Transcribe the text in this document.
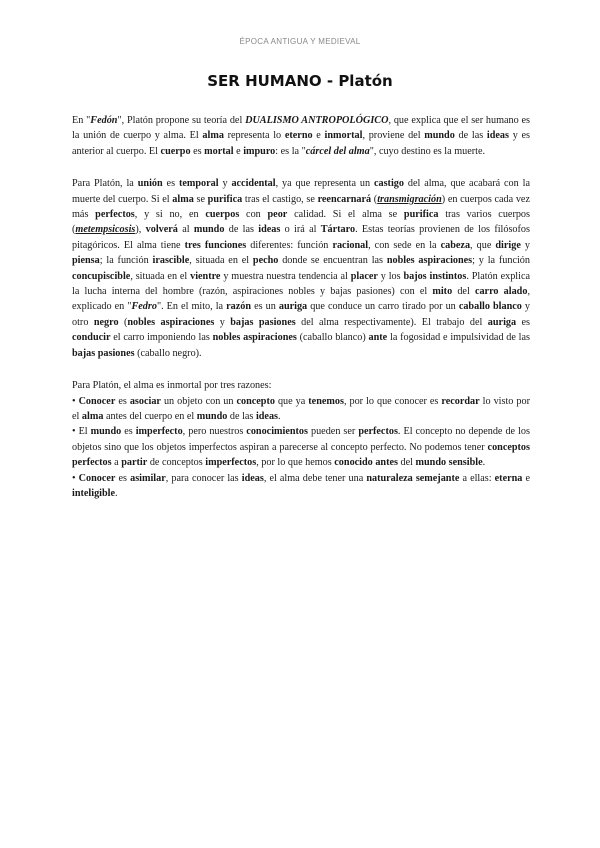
ÉPOCA ANTIGUA Y MEDIEVAL
SER HUMANO - Platón

En "Fedón", Platón propone su teoría del DUALISMO ANTROPOLÓGICO, que explica que el ser humano es la unión de cuerpo y alma. El alma representa lo eterno e inmortal, proviene del mundo de las ideas y es anterior al cuerpo. El cuerpo es mortal e impuro: es la "cárcel del alma", cuyo destino es la muerte.

Para Platón, la unión es temporal y accidental, ya que representa un castigo del alma, que acabará con la muerte del cuerpo. Si el alma se purifica tras el castigo, se reencarnará (transmigración) en cuerpos cada vez más perfectos, y si no, en cuerpos con peor calidad. Si el alma se purifica tras varios cuerpos (metempsicosis), volverá al mundo de las ideas o irá al Tártaro. Estas teorías provienen de los filósofos pitagóricos. El alma tiene tres funciones diferentes: función racional, con sede en la cabeza, que dirige y piensa; la función irascible, situada en el pecho donde se encuentran las nobles aspiraciones; y la función concupiscible, situada en el vientre y muestra nuestra tendencia al placer y los bajos instintos. Platón explica la lucha interna del hombre (razón, aspiraciones nobles y bajas pasiones) con el mito del carro alado, explicado en "Fedro". En el mito, la razón es un auriga que conduce un carro tirado por un caballo blanco y otro negro (nobles aspiraciones y bajas pasiones del alma respectivamente). El trabajo del auriga es conducir el carro imponiendo las nobles aspiraciones (caballo blanco) ante la fogosidad e impulsividad de las bajas pasiones (caballo negro).

Para Platón, el alma es inmortal por tres razones:

• Conocer es asociar un objeto con un concepto que ya tenemos, por lo que conocer es recordar lo visto por el alma antes del cuerpo en el mundo de las ideas.

• El mundo es imperfecto, pero nuestros conocimientos pueden ser perfectos. El concepto no depende de los objetos sino que los objetos imperfectos aspiran a parecerse al concepto perfecto. No podemos tener conceptos perfectos a partir de conceptos imperfectos, por lo que hemos conocido antes del mundo sensible.

• Conocer es asimilar, para conocer las ideas, el alma debe tener una naturaleza semejante a ellas: eterna e inteligible.
